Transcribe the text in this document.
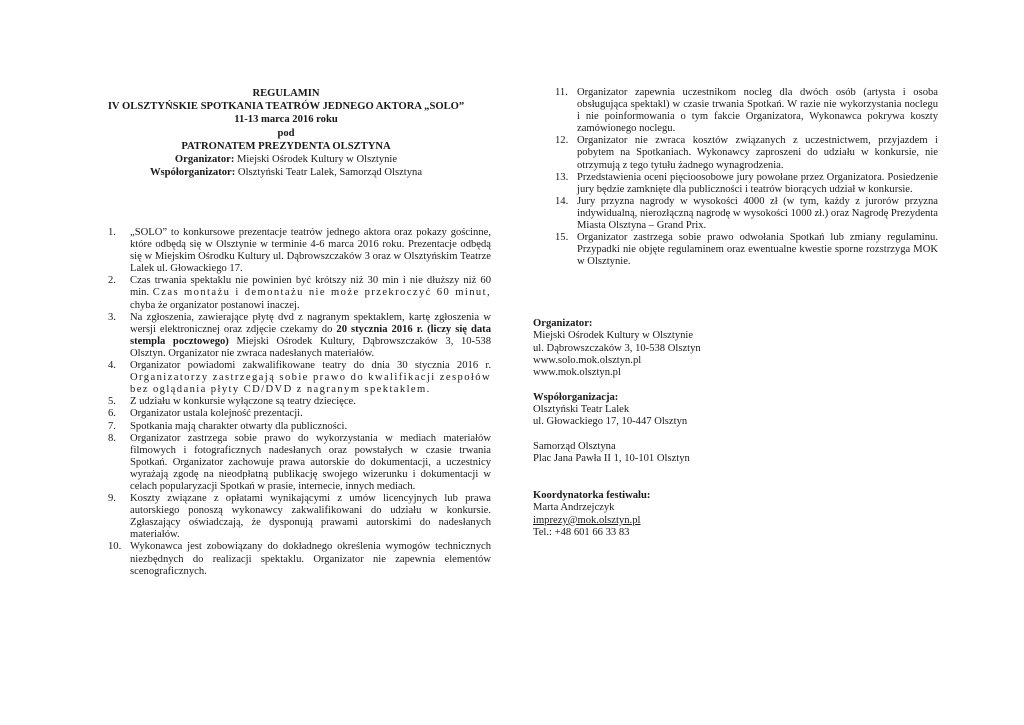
REGULAMIN
IV OLSZTYŃSKIE SPOTKANIA TEATRÓW JEDNEGO AKTORA „SOLO”
11-13 marca 2016 roku
pod
PATRONATEM PREZYDENTA OLSZTYNA
Organizator: Miejski Ośrodek Kultury w Olsztynie
Współorganizator: Olsztyński Teatr Lalek, Samorząd Olsztyna
1. „SOLO” to konkursowe prezentacje teatrów jednego aktora oraz pokazy gościnne, które odbędą się w Olsztynie w terminie 4-6 marca 2016 roku. Prezentacje odbędą się w Miejskim Ośrodku Kultury ul. Dąbrowszczaków 3 oraz w Olsztyńskim Teatrze Lalek ul. Głowackiego 17.
2. Czas trwania spektaklu nie powinien być krótszy niż 30 min i nie dłuższy niż 60 min. Czas montażu i demontażu nie może przekroczyć 60 minut, chyba że organizator postanowi inaczej.
3. Na zgłoszenia, zawierające płytę dvd z nagranym spektaklem, kartę zgłoszenia w wersji elektronicznej oraz zdjęcie czekamy do 20 stycznia 2016 r. (liczy się data stempla pocztowego) Miejski Ośrodek Kultury, Dąbrowszczaków 3, 10-538 Olsztyn. Organizator nie zwraca nadesłanych materiałów.
4. Organizator powiadomi zakwalifikowane teatry do dnia 30 stycznia 2016 r. Organizatorzy zastrzegają sobie prawo do kwalifikacji zespołów bez oglądania płyty CD/DVD z nagranym spektaklem.
5. Z udziału w konkursie wyłączone są teatry dziecięce.
6. Organizator ustala kolejność prezentacji.
7. Spotkania mają charakter otwarty dla publiczności.
8. Organizator zastrzega sobie prawo do wykorzystania w mediach materiałów filmowych i fotograficznych nadesłanych oraz powstałych w czasie trwania Spotkań. Organizator zachowuje prawa autorskie do dokumentacji, a uczestnicy wyrażają zgodę na nieodpłatną publikację swojego wizerunku i dokumentacji w celach popularyzacji Spotkań w prasie, internecie, innych mediach.
9. Koszty związane z opłatami wynikającymi z umów licencyjnych lub prawa autorskiego ponoszą wykonawcy zakwalifikowani do udziału w konkursie. Zgłaszający oświadczają, że dysponują prawami autorskimi do nadesłanych materiałów.
10. Wykonawca jest zobowiązany do dokładnego określenia wymogów technicznych niezbędnych do realizacji spektaklu. Organizator nie zapewnia elementów scenograficznych.
11. Organizator zapewnia uczestnikom nocleg dla dwóch osób (artysta i osoba obsługująca spektakl) w czasie trwania Spotkań. W razie nie wykorzystania noclegu i nie poinformowania o tym fakcie Organizatora, Wykonawca pokrywa koszty zamówionego noclegu.
12. Organizator nie zwraca kosztów związanych z uczestnictwem, przyjazdem i pobytem na Spotkaniach. Wykonawcy zaproszeni do udziału w konkursie, nie otrzymują z tego tytułu żadnego wynagrodzenia.
13. Przedstawienia oceni pięcioosobowe jury powołane przez Organizatora. Posiedzenie jury będzie zamknięte dla publiczności i teatrów biorących udział w konkursie.
14. Jury przyzna nagrody w wysokości 4000 zł (w tym, każdy z jurorów przyzna indywidualną, nierozłączną nagrodę w wysokości 1000 zł.) oraz Nagrodę Prezydenta Miasta Olsztyna – Grand Prix.
15. Organizator zastrzega sobie prawo odwołania Spotkań lub zmiany regulaminu. Przypadki nie objęte regulaminem oraz ewentualne kwestie sporne rozstrzyga MOK w Olsztynie.
Organizator:
Miejski Ośrodek Kultury w Olsztynie
ul. Dąbrowszczaków 3, 10-538 Olsztyn
www.solo.mok.olsztyn.pl
www.mok.olsztyn.pl
Współorganizacja:
Olsztyński Teatr Lalek
ul. Głowackiego 17, 10-447 Olsztyn
Samorząd Olsztyna
Plac Jana Pawła II 1, 10-101 Olsztyn
Koordynatorka festiwalu:
Marta Andrzejczyk
imprezy@mok.olsztyn.pl
Tel.: +48 601 66 33 83
